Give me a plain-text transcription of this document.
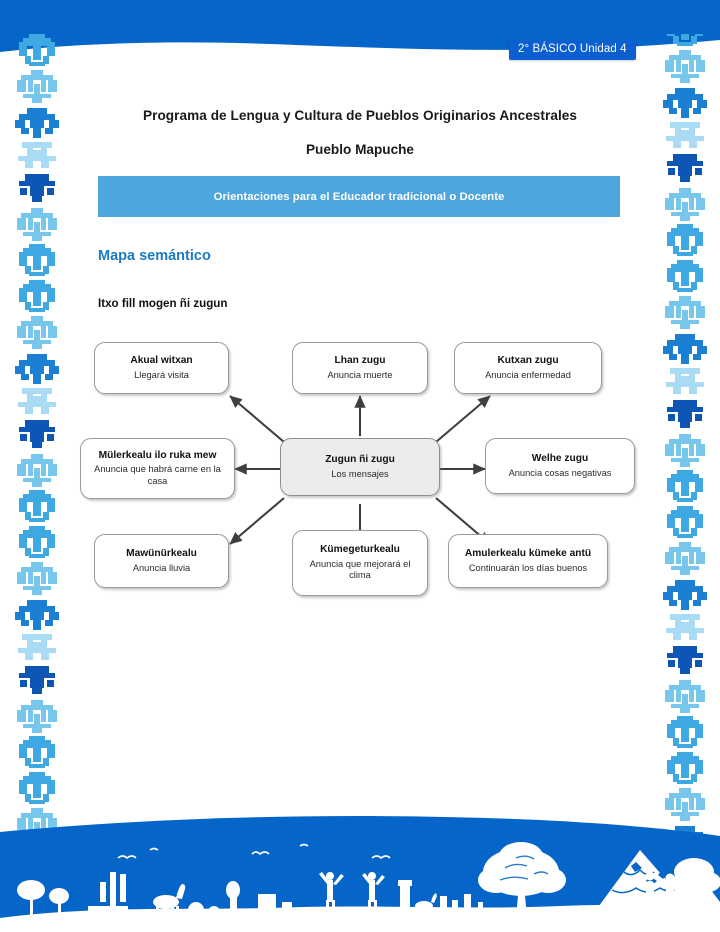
2° BÁSICO Unidad 4
Programa de Lengua y Cultura de Pueblos Originarios Ancestrales
Pueblo Mapuche
Orientaciones para el Educador tradicional o Docente
Mapa semántico
Itxo fill mogen ñi zugun
Akual witxan
Llegará visita
Lhan zugu
Anuncia muerte
Kutxan zugu
Anuncia enfermedad
Mülerkealu ilo ruka mew
Anuncia que habrá carne en la casa
Zugun ñi zugu
Los mensajes
Welhe zugu
Anuncia cosas negativas
Mawünürkealu
Anuncia lluvia
Kümegeturkealu
Anuncia que mejorará el clima
Amulerkealu kümeke antü
Continuarán los días buenos
